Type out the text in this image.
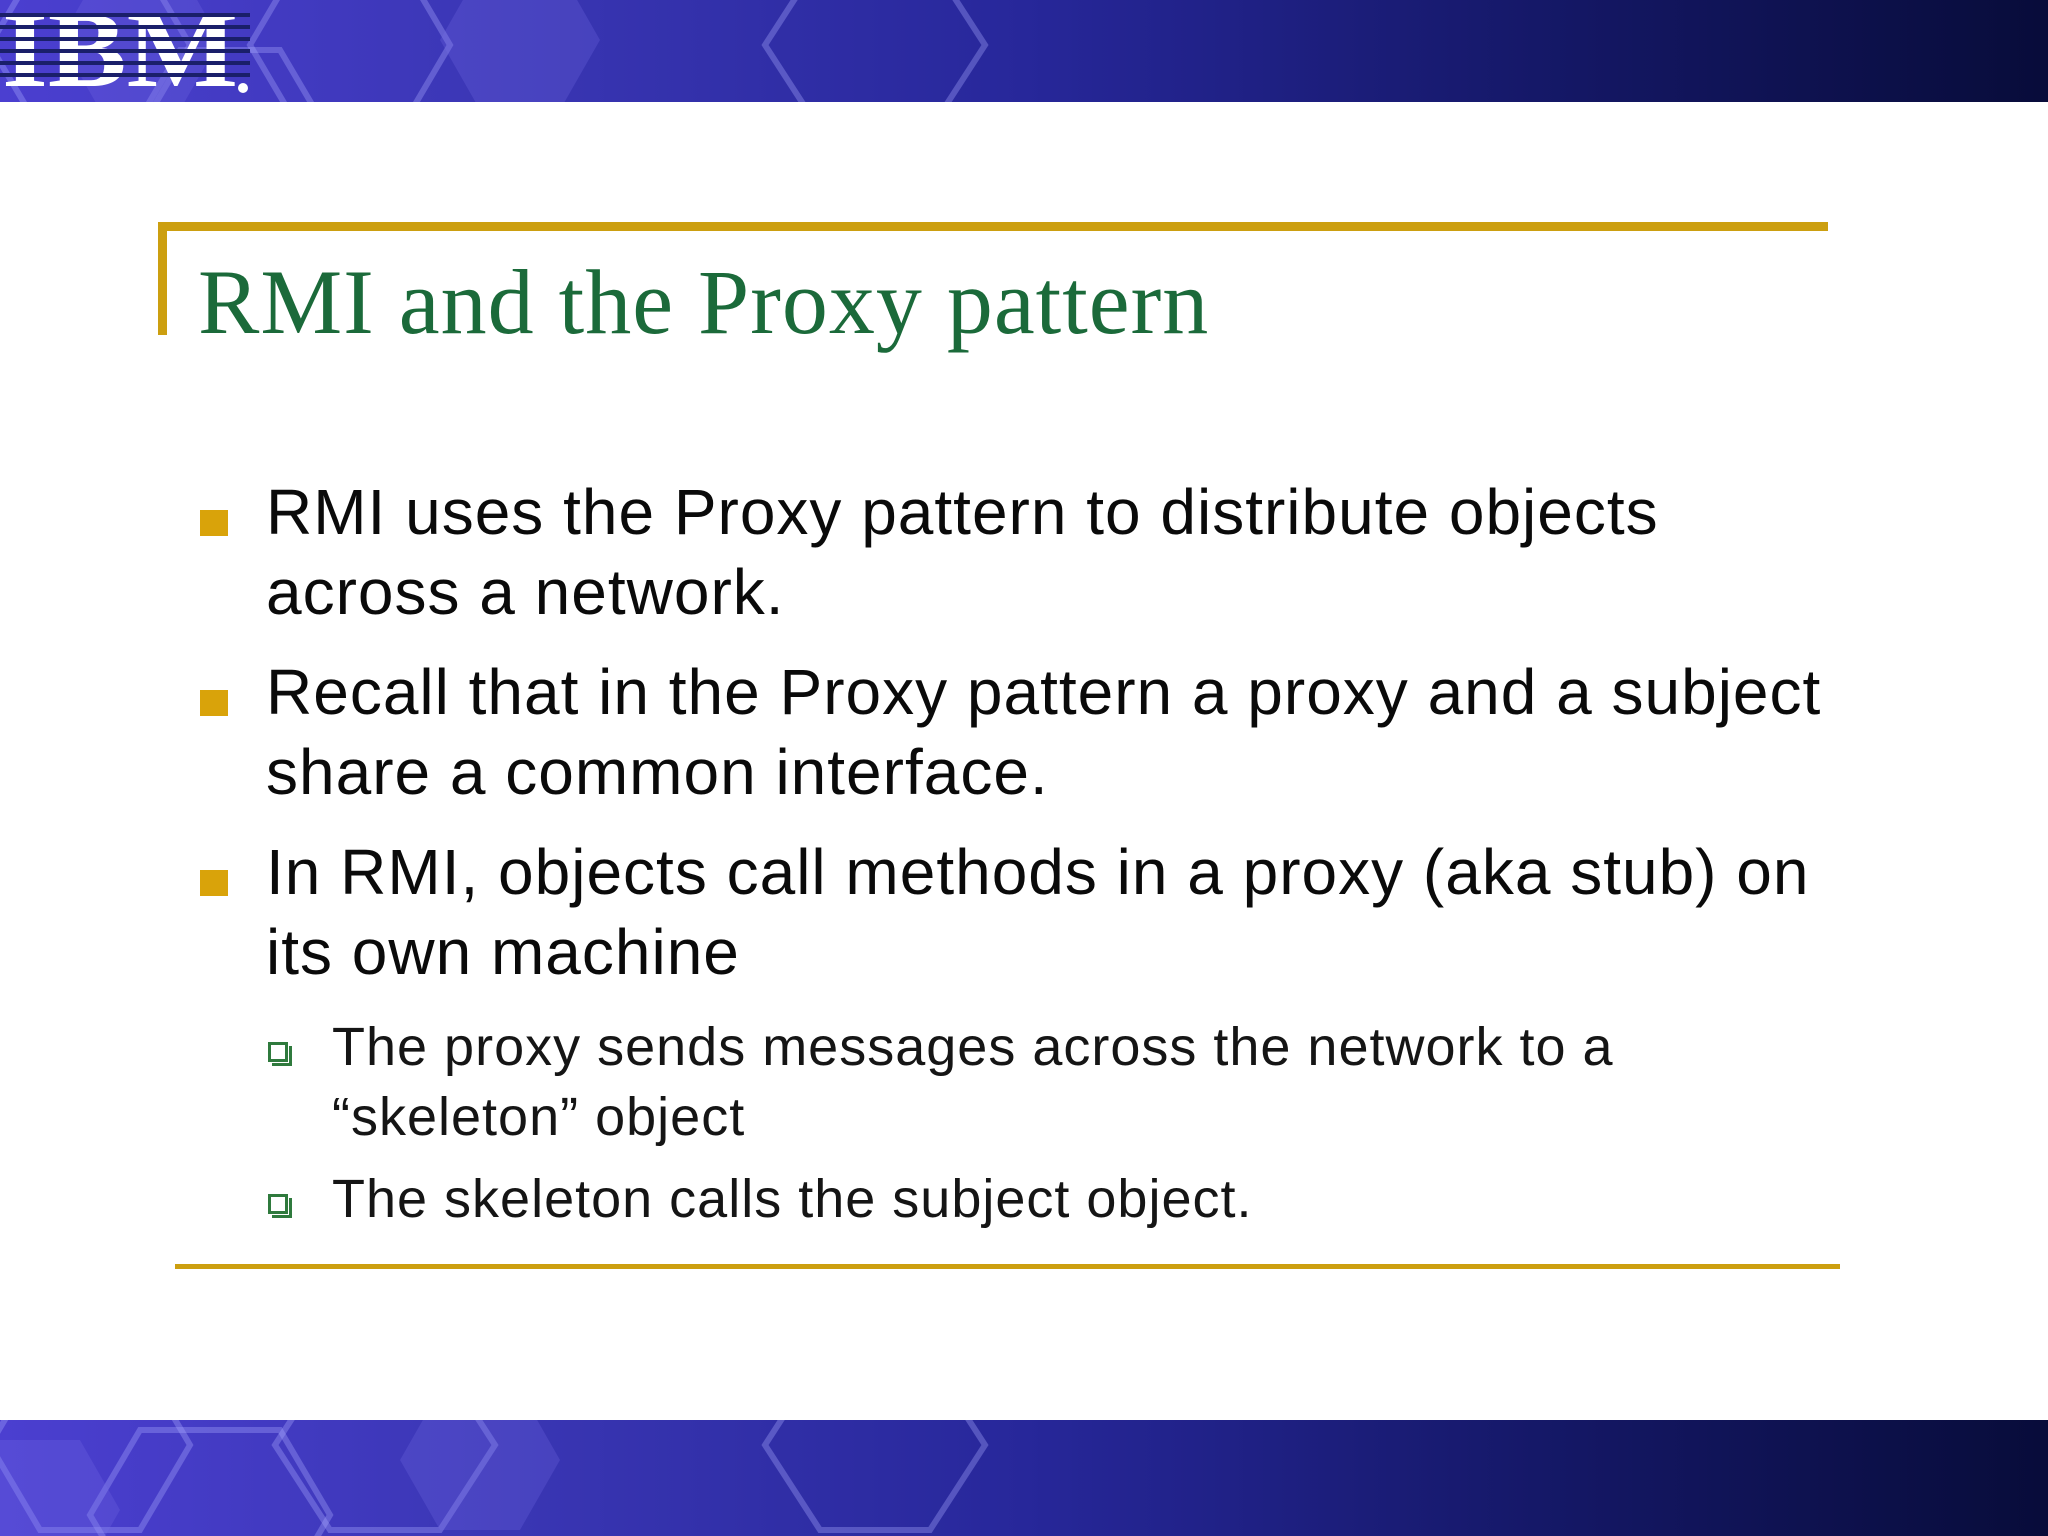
RMI and the Proxy pattern
RMI uses the Proxy pattern to distribute objects across a network.
Recall that in the Proxy pattern a proxy and a subject share a common interface.
In RMI, objects call methods in a proxy (aka stub) on its own machine
The proxy sends messages across the network to a “skeleton” object
The skeleton calls the subject object.
